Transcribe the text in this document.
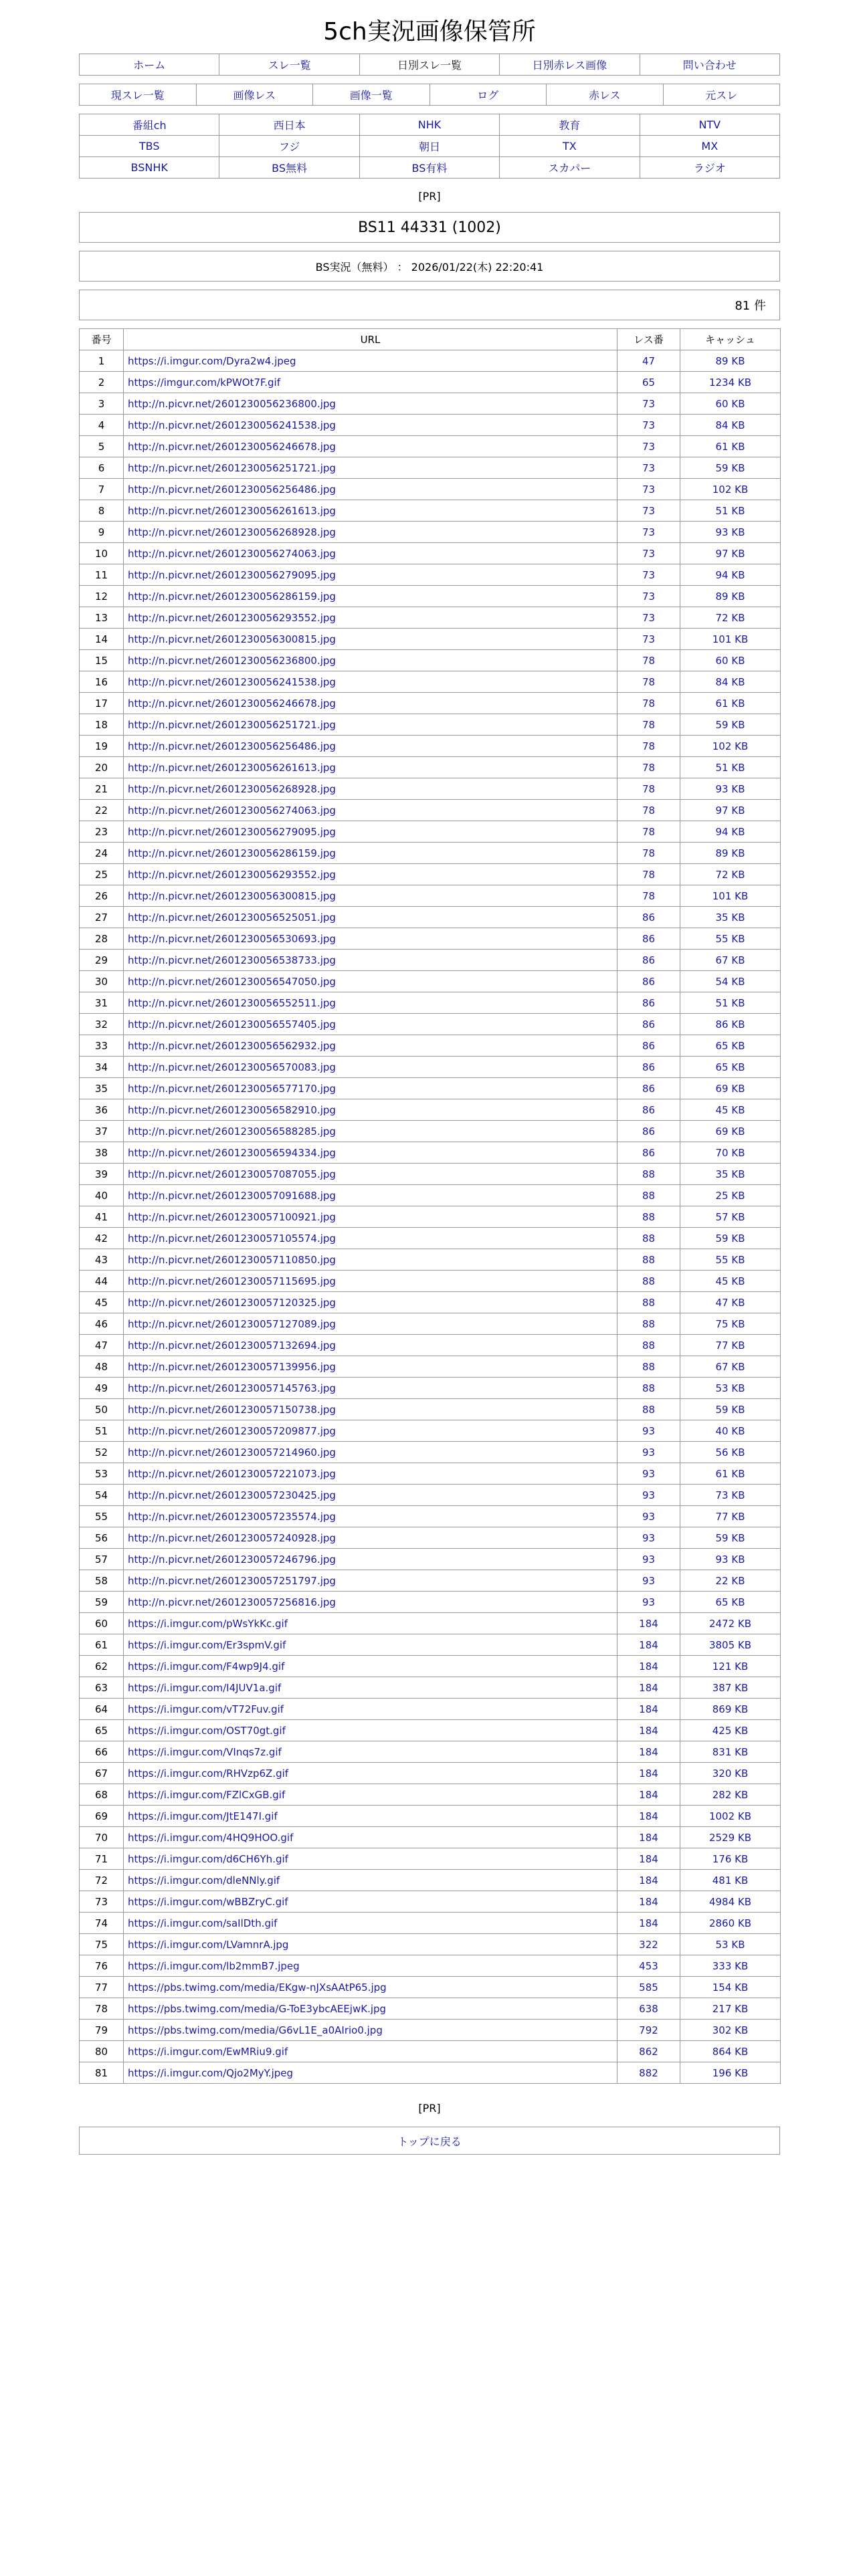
5ch実況画像保管所
ホーム	スレ一覧	日別スレ一覧	日別赤レス画像	問い合わせ
現スレ一覧	画像レス	画像一覧	ログ	赤レス	元スレ
番組ch	西日本	NHK	教育	NTV
TBS	フジ	朝日	TX	MX
BSNHK	BS無料	BS有料	スカパー	ラジオ
[PR]
BS11 44331 (1002)
BS実況（無料） ： 2026/01/22(木) 22:20:41
81 件
番号	URL	レス番	キャッシュ
1	https://i.imgur.com/Dyra2w4.jpeg	47	89 KB
2	https://imgur.com/kPWOt7F.gif	65	1234 KB
3	http://n.picvr.net/2601230056236800.jpg	73	60 KB
4	http://n.picvr.net/2601230056241538.jpg	73	84 KB
5	http://n.picvr.net/2601230056246678.jpg	73	61 KB
6	http://n.picvr.net/2601230056251721.jpg	73	59 KB
7	http://n.picvr.net/2601230056256486.jpg	73	102 KB
8	http://n.picvr.net/2601230056261613.jpg	73	51 KB
9	http://n.picvr.net/2601230056268928.jpg	73	93 KB
10	http://n.picvr.net/2601230056274063.jpg	73	97 KB
11	http://n.picvr.net/2601230056279095.jpg	73	94 KB
12	http://n.picvr.net/2601230056286159.jpg	73	89 KB
13	http://n.picvr.net/2601230056293552.jpg	73	72 KB
14	http://n.picvr.net/2601230056300815.jpg	73	101 KB
15	http://n.picvr.net/2601230056236800.jpg	78	60 KB
16	http://n.picvr.net/2601230056241538.jpg	78	84 KB
17	http://n.picvr.net/2601230056246678.jpg	78	61 KB
18	http://n.picvr.net/2601230056251721.jpg	78	59 KB
19	http://n.picvr.net/2601230056256486.jpg	78	102 KB
20	http://n.picvr.net/2601230056261613.jpg	78	51 KB
21	http://n.picvr.net/2601230056268928.jpg	78	93 KB
22	http://n.picvr.net/2601230056274063.jpg	78	97 KB
23	http://n.picvr.net/2601230056279095.jpg	78	94 KB
24	http://n.picvr.net/2601230056286159.jpg	78	89 KB
25	http://n.picvr.net/2601230056293552.jpg	78	72 KB
26	http://n.picvr.net/2601230056300815.jpg	78	101 KB
27	http://n.picvr.net/2601230056525051.jpg	86	35 KB
28	http://n.picvr.net/2601230056530693.jpg	86	55 KB
29	http://n.picvr.net/2601230056538733.jpg	86	67 KB
30	http://n.picvr.net/2601230056547050.jpg	86	54 KB
31	http://n.picvr.net/2601230056552511.jpg	86	51 KB
32	http://n.picvr.net/2601230056557405.jpg	86	86 KB
33	http://n.picvr.net/2601230056562932.jpg	86	65 KB
34	http://n.picvr.net/2601230056570083.jpg	86	65 KB
35	http://n.picvr.net/2601230056577170.jpg	86	69 KB
36	http://n.picvr.net/2601230056582910.jpg	86	45 KB
37	http://n.picvr.net/2601230056588285.jpg	86	69 KB
38	http://n.picvr.net/2601230056594334.jpg	86	70 KB
39	http://n.picvr.net/2601230057087055.jpg	88	35 KB
40	http://n.picvr.net/2601230057091688.jpg	88	25 KB
41	http://n.picvr.net/2601230057100921.jpg	88	57 KB
42	http://n.picvr.net/2601230057105574.jpg	88	59 KB
43	http://n.picvr.net/2601230057110850.jpg	88	55 KB
44	http://n.picvr.net/2601230057115695.jpg	88	45 KB
45	http://n.picvr.net/2601230057120325.jpg	88	47 KB
46	http://n.picvr.net/2601230057127089.jpg	88	75 KB
47	http://n.picvr.net/2601230057132694.jpg	88	77 KB
48	http://n.picvr.net/2601230057139956.jpg	88	67 KB
49	http://n.picvr.net/2601230057145763.jpg	88	53 KB
50	http://n.picvr.net/2601230057150738.jpg	88	59 KB
51	http://n.picvr.net/2601230057209877.jpg	93	40 KB
52	http://n.picvr.net/2601230057214960.jpg	93	56 KB
53	http://n.picvr.net/2601230057221073.jpg	93	61 KB
54	http://n.picvr.net/2601230057230425.jpg	93	73 KB
55	http://n.picvr.net/2601230057235574.jpg	93	77 KB
56	http://n.picvr.net/2601230057240928.jpg	93	59 KB
57	http://n.picvr.net/2601230057246796.jpg	93	93 KB
58	http://n.picvr.net/2601230057251797.jpg	93	22 KB
59	http://n.picvr.net/2601230057256816.jpg	93	65 KB
60	https://i.imgur.com/pWsYkKc.gif	184	2472 KB
61	https://i.imgur.com/Er3spmV.gif	184	3805 KB
62	https://i.imgur.com/F4wp9J4.gif	184	121 KB
63	https://i.imgur.com/I4JUV1a.gif	184	387 KB
64	https://i.imgur.com/vT72Fuv.gif	184	869 KB
65	https://i.imgur.com/OST70gt.gif	184	425 KB
66	https://i.imgur.com/VInqs7z.gif	184	831 KB
67	https://i.imgur.com/RHVzp6Z.gif	184	320 KB
68	https://i.imgur.com/FZlCxGB.gif	184	282 KB
69	https://i.imgur.com/JtE147I.gif	184	1002 KB
70	https://i.imgur.com/4HQ9HOO.gif	184	2529 KB
71	https://i.imgur.com/d6CH6Yh.gif	184	176 KB
72	https://i.imgur.com/dleNNly.gif	184	481 KB
73	https://i.imgur.com/wBBZryC.gif	184	4984 KB
74	https://i.imgur.com/saIlDth.gif	184	2860 KB
75	https://i.imgur.com/LVamnrA.jpg	322	53 KB
76	https://i.imgur.com/lb2mmB7.jpeg	453	333 KB
77	https://pbs.twimg.com/media/EKgw-nJXsAAtP65.jpg	585	154 KB
78	https://pbs.twimg.com/media/G-ToE3ybcAEEjwK.jpg	638	217 KB
79	https://pbs.twimg.com/media/G6vL1E_a0AIrio0.jpg	792	302 KB
80	https://i.imgur.com/EwMRiu9.gif	862	864 KB
81	https://i.imgur.com/Qjo2MyY.jpeg	882	196 KB
[PR]
トップに戻る
